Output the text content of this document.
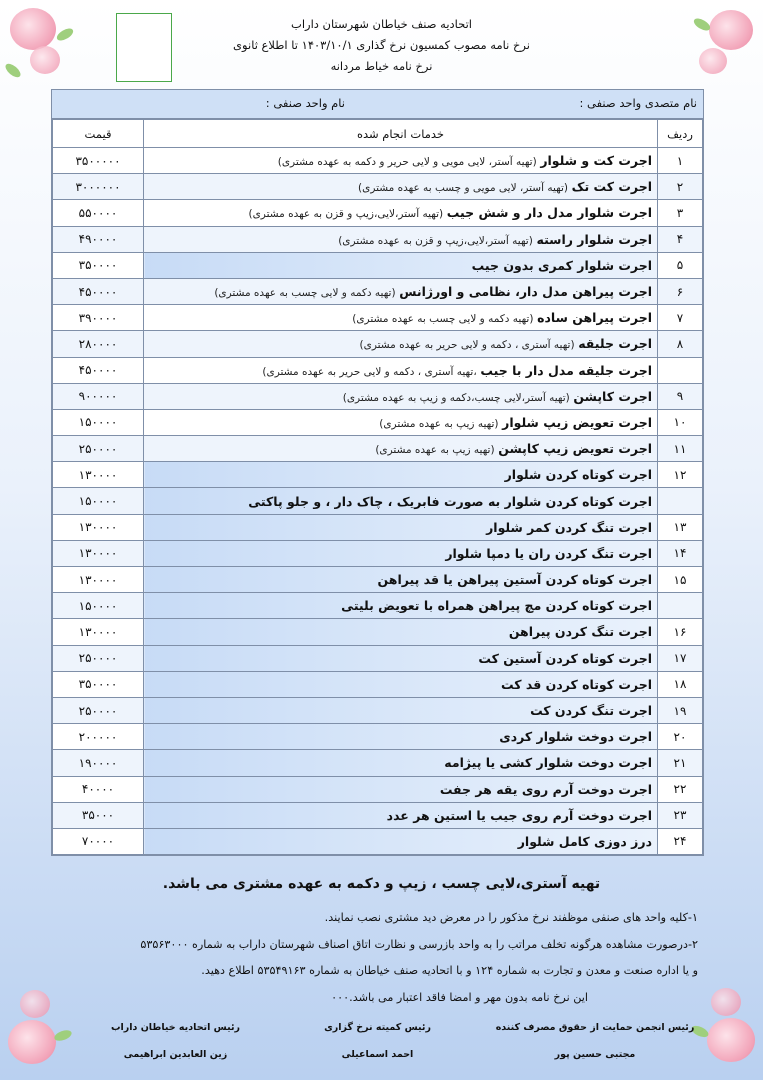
اتحادیه صنف خیاطان شهرستان داراب
نرخ نامه مصوب کمسیون نرخ گذاری ۱۴۰۳/۱۰/۱ تا اطلاع ثانوی
نرخ نامه خیاط مردانه
نام متصدی واحد صنفی :
نام واحد صنفی :
ردیف	خدمات انجام شده	قیمت
۱	اجرت کت و شلوار (تهیه آستر، لایی مویی و لایی حریر و دکمه به عهده مشتری)	۳۵۰۰۰۰۰
۲	اجرت کت تک (تهیه آستر، لایی مویی و چسب به عهده مشتری)	۳۰۰۰۰۰۰
۳	اجرت شلوار مدل دار و شش جیب (تهیه آستر،لایی،زیپ و قزن به عهده مشتری)	۵۵۰۰۰۰
۴	اجرت شلوار راسته (تهیه آستر،لایی،زیپ و قزن به عهده مشتری)	۴۹۰۰۰۰
۵	اجرت شلوار کمری بدون جیب	۳۵۰۰۰۰
۶	اجرت پیراهن مدل دار، نظامی و اورژانس (تهیه دکمه و لایی چسب به عهده مشتری)	۴۵۰۰۰۰
۷	اجرت پیراهن ساده (تهیه دکمه و لایی چسب به عهده مشتری)	۳۹۰۰۰۰
۸	اجرت جلیقه (تهیه آستری ، دکمه و لایی حریر به عهده مشتری)	۲۸۰۰۰۰
	اجرت جلیقه مدل دار با جیب ،تهیه آستری ، دکمه و لایی حریر به عهده مشتری)	۴۵۰۰۰۰
۹	اجرت کاپشن (تهیه آستر،لایی چسب،دکمه و زیپ به عهده مشتری)	۹۰۰۰۰۰
۱۰	اجرت تعویض زیپ شلوار (تهیه زیپ به عهده مشتری)	۱۵۰۰۰۰
۱۱	اجرت تعویض زیپ کاپشن (تهیه زیپ به عهده مشتری)	۲۵۰۰۰۰
۱۲	اجرت کوتاه کردن شلوار	۱۳۰۰۰۰
	اجرت کوتاه کردن شلوار به صورت فابریک ، چاک دار ، و جلو پاکتی	۱۵۰۰۰۰
۱۳	اجرت تنگ کردن کمر شلوار	۱۳۰۰۰۰
۱۴	اجرت تنگ کردن ران یا دمپا شلوار	۱۳۰۰۰۰
۱۵	اجرت کوتاه کردن آستین پیراهن یا قد پیراهن	۱۳۰۰۰۰
	اجرت کوتاه کردن مچ پیراهن همراه با تعویض بلیتی	۱۵۰۰۰۰
۱۶	اجرت تنگ کردن پیراهن	۱۳۰۰۰۰
۱۷	اجرت کوتاه کردن آستین کت	۲۵۰۰۰۰
۱۸	اجرت کوتاه کردن قد کت	۳۵۰۰۰۰
۱۹	اجرت تنگ کردن کت	۲۵۰۰۰۰
۲۰	اجرت دوخت شلوار کردی	۲۰۰۰۰۰
۲۱	اجرت دوخت شلوار کشی یا پیژامه	۱۹۰۰۰۰
۲۲	اجرت دوخت آرم روی یقه هر جفت	۴۰۰۰۰
۲۳	اجرت دوخت آرم روی جیب یا استین هر عدد	۳۵۰۰۰
۲۴	درز دوزی کامل شلوار	۷۰۰۰۰
تهیه آستری،لایی چسب ، زیپ و دکمه به عهده مشتری می باشد.
۱-کلیه واحد های صنفی موظفند نرخ مذکور را در معرض دید مشتری نصب نمایند.
۲-درصورت مشاهده هرگونه تخلف مراتب را به واحد بازرسی و نظارت اتاق اصناف شهرستان داراب به شماره ۵۳۵۶۳۰۰۰
و یا اداره صنعت و معدن و تجارت به شماره ۱۲۴ و با اتحادیه صنف خیاطان به شماره ۵۳۵۴۹۱۶۳ اطلاع دهید.
این نرخ نامه بدون مهر و امضا فاقد اعتبار می باشد.۰۰۰
رئیس اتحادیه خیاطان داراب
زین العابدین ابراهیمی
رئیس کمیته نرخ گزاری
احمد اسماعیلی
رئیس انجمن حمایت از حقوق مصرف کننده
مجتبی حسین پور
